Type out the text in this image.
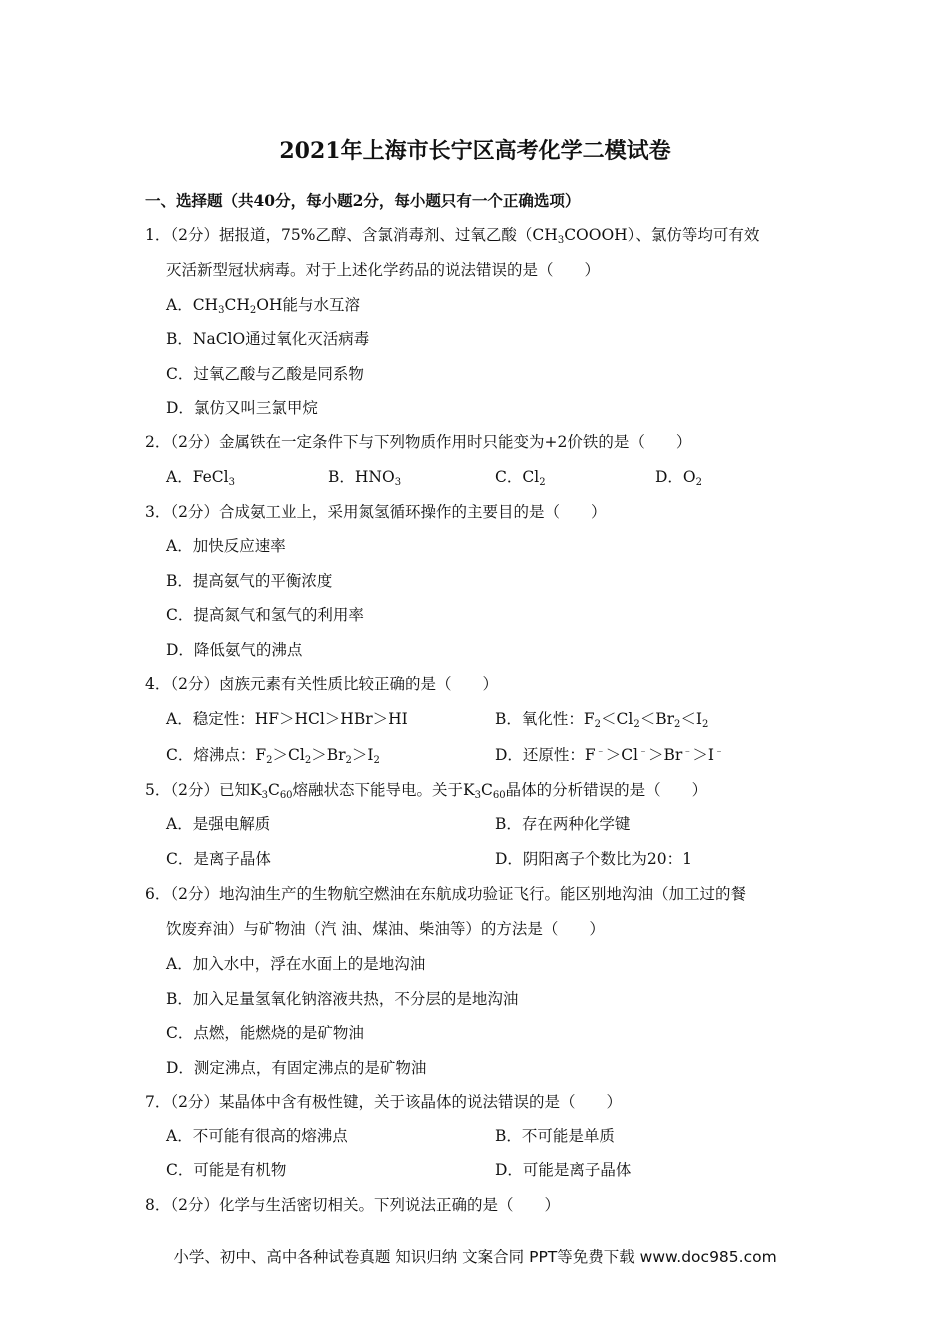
2021年上海市长宁区高考化学二模试卷
一、选择题（共40分，每小题2分，每小题只有一个正确选项）
1．（2分）据报道，75%乙醇、含氯消毒剂、过氧乙酸$(CH_3COOOH)$、氯仿等均可有效
灭活新型冠状病毒。对于上述化学药品的说法错误的是（　　）
A．$CH_3CH_2OH$能与水互溶
B．NaClO通过氧化灭活病毒
C．过氧乙酸与乙酸是同系物
D．氯仿又叫三氯甲烷
2．（2分）金属铁在一定条件下与下列物质作用时只能变为+2价铁的是（　　）
A．FeCl$_3$	B．$HNO_3$	C．$Cl_2$	D．$O_2$
3．（2分）合成氨工业上，采用氮氢循环操作的主要目的是（　　）
A．加快反应速率
B．提高氨气的平衡浓度
C．提高氮气和氢气的利用率
D．降低氨气的沸点
4．（2分）卤族元素有关性质比较正确的是（　　）
A．稳定性：HF＞HCl＞HBr＞HI	B．氧化性：$F_2<Cl_2<Br_2<I_2$
C．熔沸点：$F_2>Cl_2>Br_2>I_2$	D．还原性：F﹣＞Cl﹣＞Br﹣＞I﹣
5．（2分）已知$K_3C_{60}$熔融状态下能导电。关于$K_3C_{60}$晶体的分析错误的是（　　）
A．是强电解质	B．存在两种化学键
C．是离子晶体	D．阴阳离子个数比为20：1
6．（2分）地沟油生产的生物航空燃油在东航成功验证飞行。能区别地沟油（加工过的餐
饮废弃油）与矿物油（汽 油、煤油、柴油等）的方法是（　　）
A．加入水中，浮在水面上的是地沟油
B．加入足量氢氧化钠溶液共热，不分层的是地沟油
C．点燃，能燃烧的是矿物油
D．测定沸点，有固定沸点的是矿物油
7．（2分）某晶体中含有极性键，关于该晶体的说法错误的是（　　）
A．不可能有很高的熔沸点	B．不可能是单质
C．可能是有机物	D．可能是离子晶体
8．（2分）化学与生活密切相关。下列说法正确的是（　　）
小学、初中、高中各种试卷真题 知识归纳 文案合同 PPT等免费下载 www.doc985.com
